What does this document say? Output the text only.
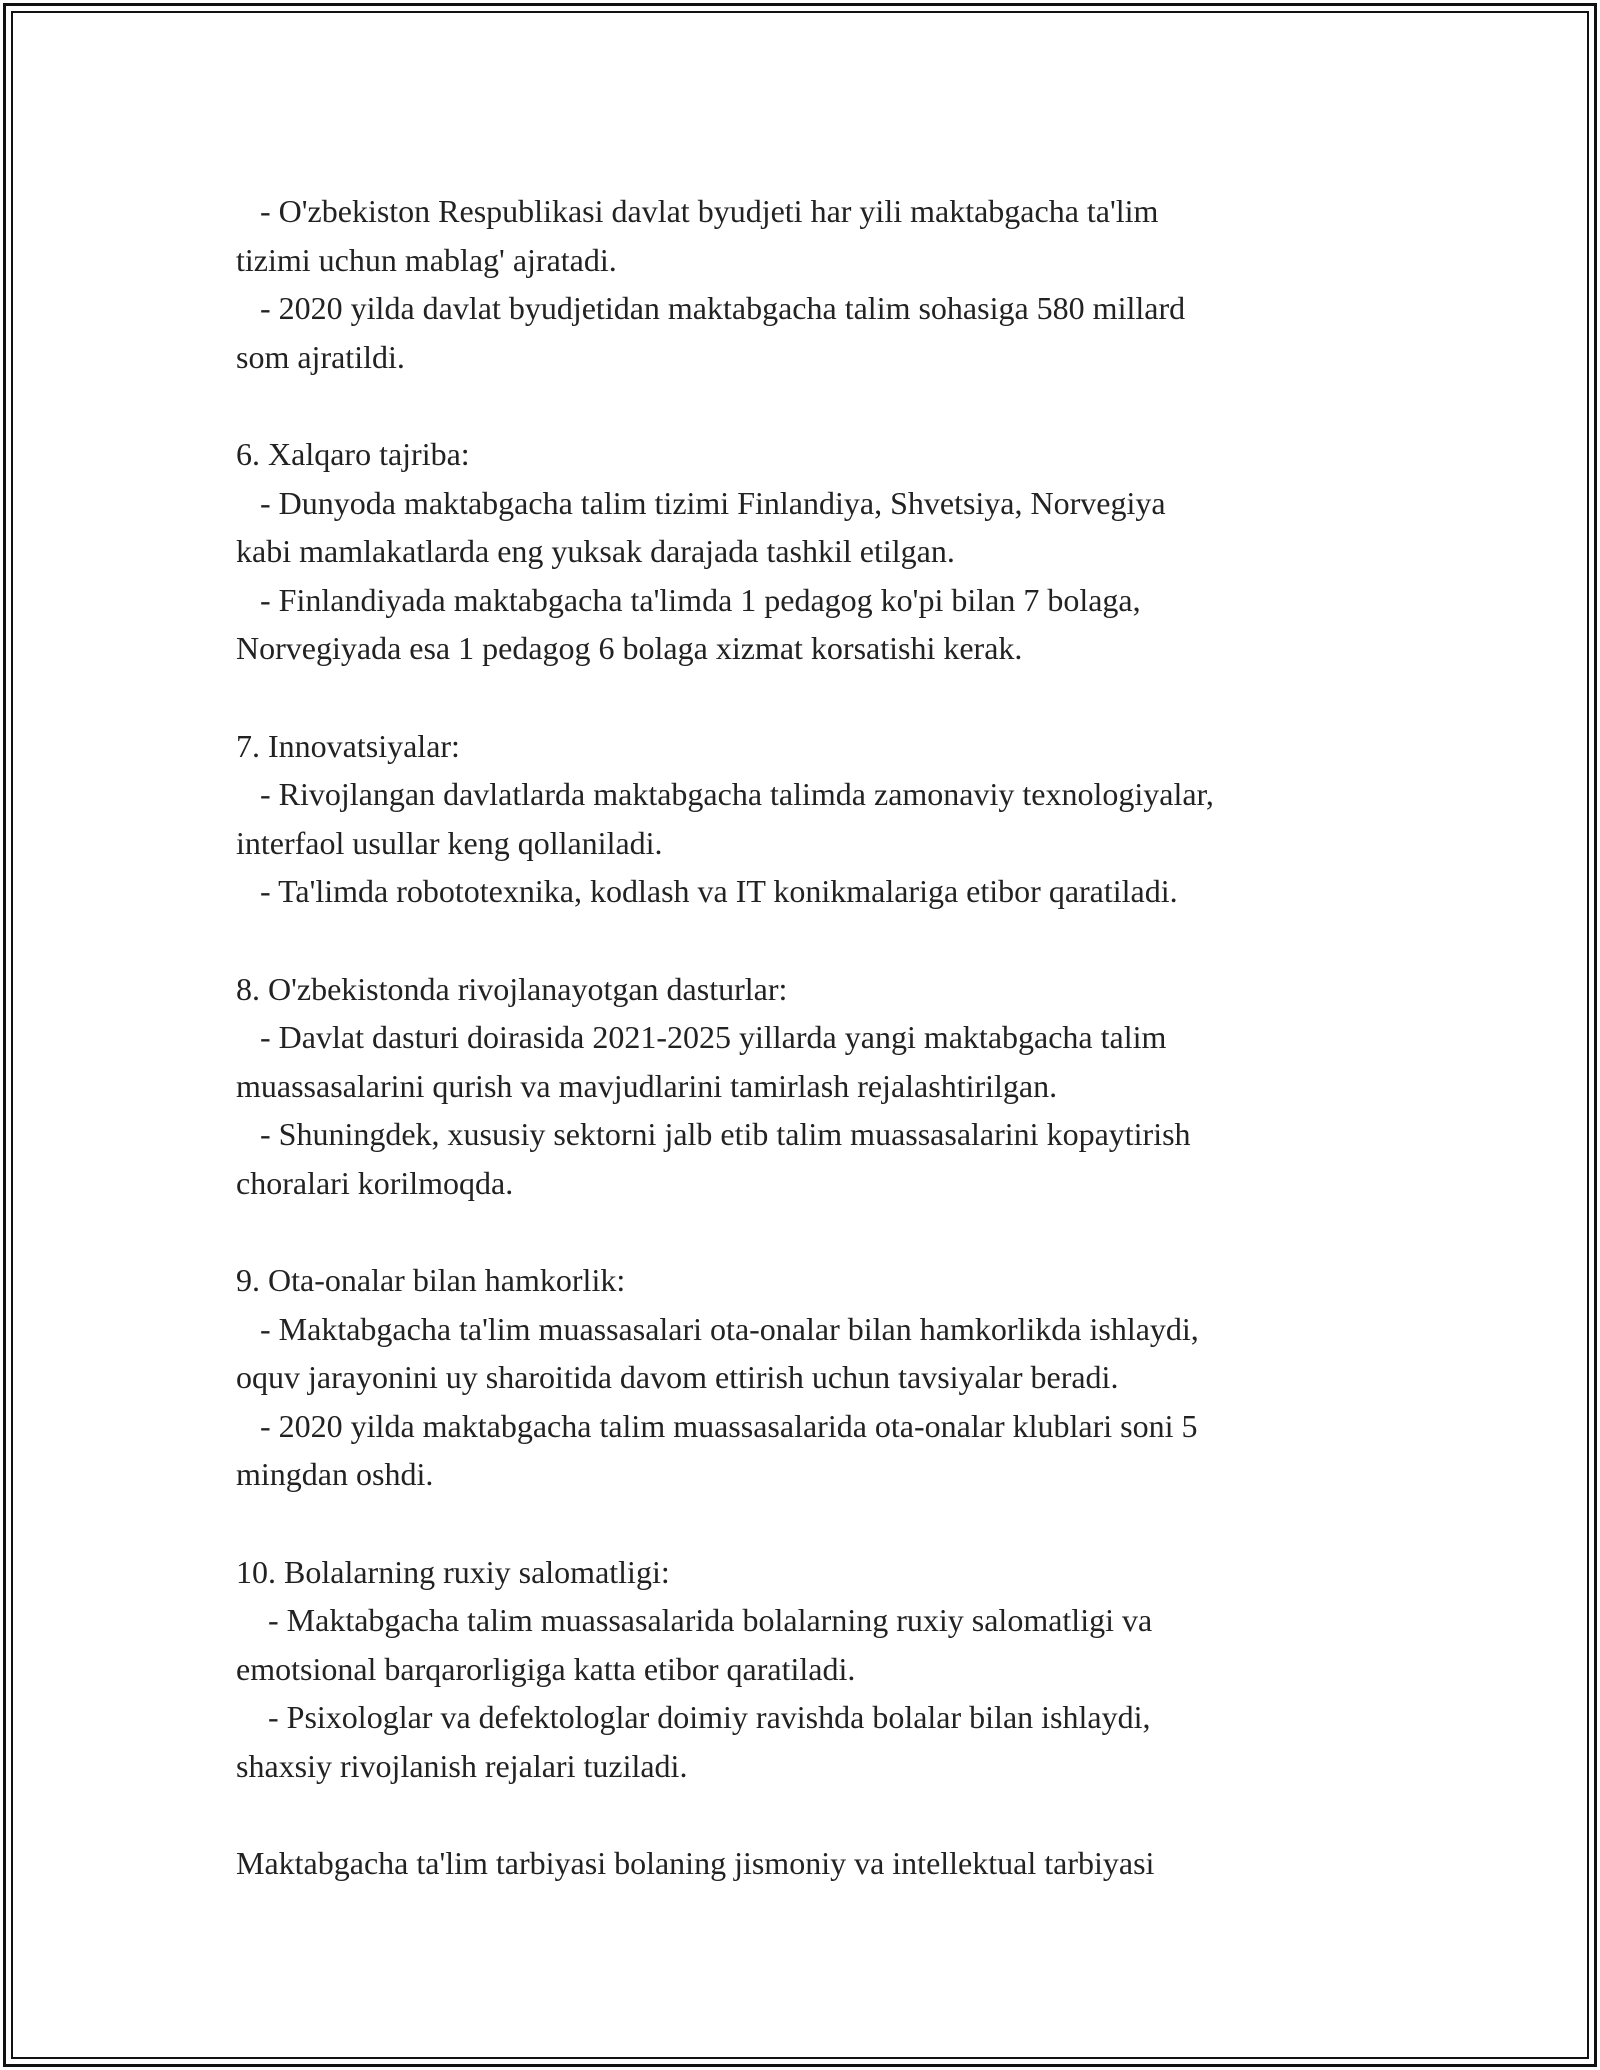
- O'zbekiston Respublikasi davlat byudjeti har yili maktabgacha ta'lim
tizimi uchun mablag' ajratadi.
- 2020 yilda davlat byudjetidan maktabgacha talim sohasiga 580 millard
som ajratildi.
6. Xalqaro tajriba:
- Dunyoda maktabgacha talim tizimi Finlandiya, Shvetsiya, Norvegiya
kabi mamlakatlarda eng yuksak darajada tashkil etilgan.
- Finlandiyada maktabgacha ta'limda 1 pedagog ko'pi bilan 7 bolaga,
Norvegiyada esa 1 pedagog 6 bolaga xizmat korsatishi kerak.
7. Innovatsiyalar:
- Rivojlangan davlatlarda maktabgacha talimda zamonaviy texnologiyalar,
interfaol usullar keng qollaniladi.
- Ta'limda robototexnika, kodlash va IT konikmalariga etibor qaratiladi.
8. O'zbekistonda rivojlanayotgan dasturlar:
- Davlat dasturi doirasida 2021-2025 yillarda yangi maktabgacha talim
muassasalarini qurish va mavjudlarini tamirlash rejalashtirilgan.
- Shuningdek, xususiy sektorni jalb etib talim muassasalarini kopaytirish
choralari korilmoqda.
9. Ota-onalar bilan hamkorlik:
- Maktabgacha ta'lim muassasalari ota-onalar bilan hamkorlikda ishlaydi,
oquv jarayonini uy sharoitida davom ettirish uchun tavsiyalar beradi.
- 2020 yilda maktabgacha talim muassasalarida ota-onalar klublari soni 5
mingdan oshdi.
10. Bolalarning ruxiy salomatligi:
- Maktabgacha talim muassasalarida bolalarning ruxiy salomatligi va
emotsional barqarorligiga katta etibor qaratiladi.
- Psixologlar va defektologlar doimiy ravishda bolalar bilan ishlaydi,
shaxsiy rivojlanish rejalari tuziladi.
Maktabgacha ta'lim tarbiyasi bolaning jismoniy va intellektual tarbiyasi
